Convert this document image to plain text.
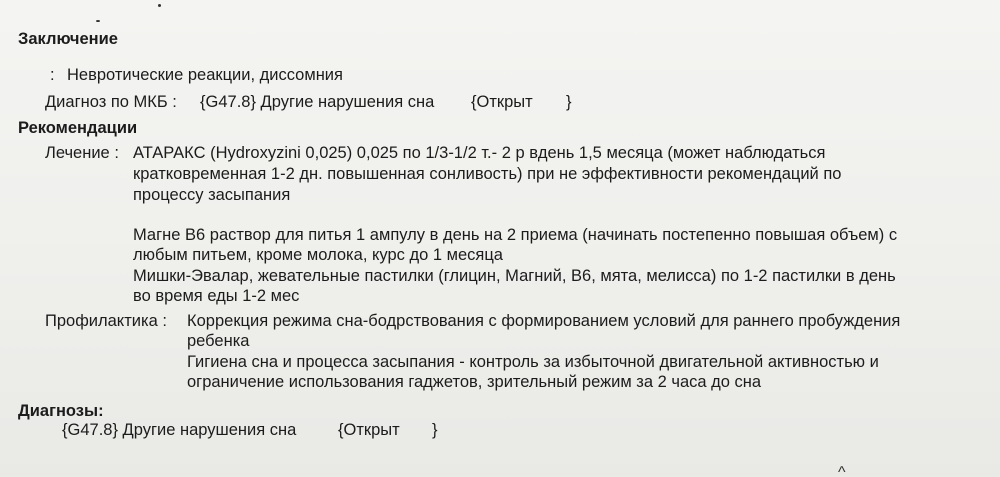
Заключение
: Невротические реакции, диссомния
Диагноз по МКБ : {G47.8} Другие нарушения сна {Открыт }
Рекомендации
Лечение : АТАРАКС (Hydroxyzini 0,025) 0,025 по 1/3-1/2 т.- 2 р вдень 1,5 месяца (может наблюдаться
кратковременная 1-2 дн. повышенная сонливость) при не эффективности рекомендаций по
процессу засыпания
Магне В6 раствор для питья 1 ампулу в день на 2 приема (начинать постепенно повышая объем) с
любым питьем, кроме молока, курс до 1 месяца
Мишки-Эвалар, жевательные пастилки (глицин, Магний, В6, мята, мелисса) по 1-2 пастилки в день
во время еды 1-2 мес
Профилактика : Коррекция режима сна-бодрствования с формированием условий для раннего пробуждения
ребенка
Гигиена сна и процесса засыпания - контроль за избыточной двигательной активностью и
ограничение использования гаджетов, зрительный режим за 2 часа до сна
Диагнозы:
{G47.8} Другие нарушения сна	{Открыт }
^
